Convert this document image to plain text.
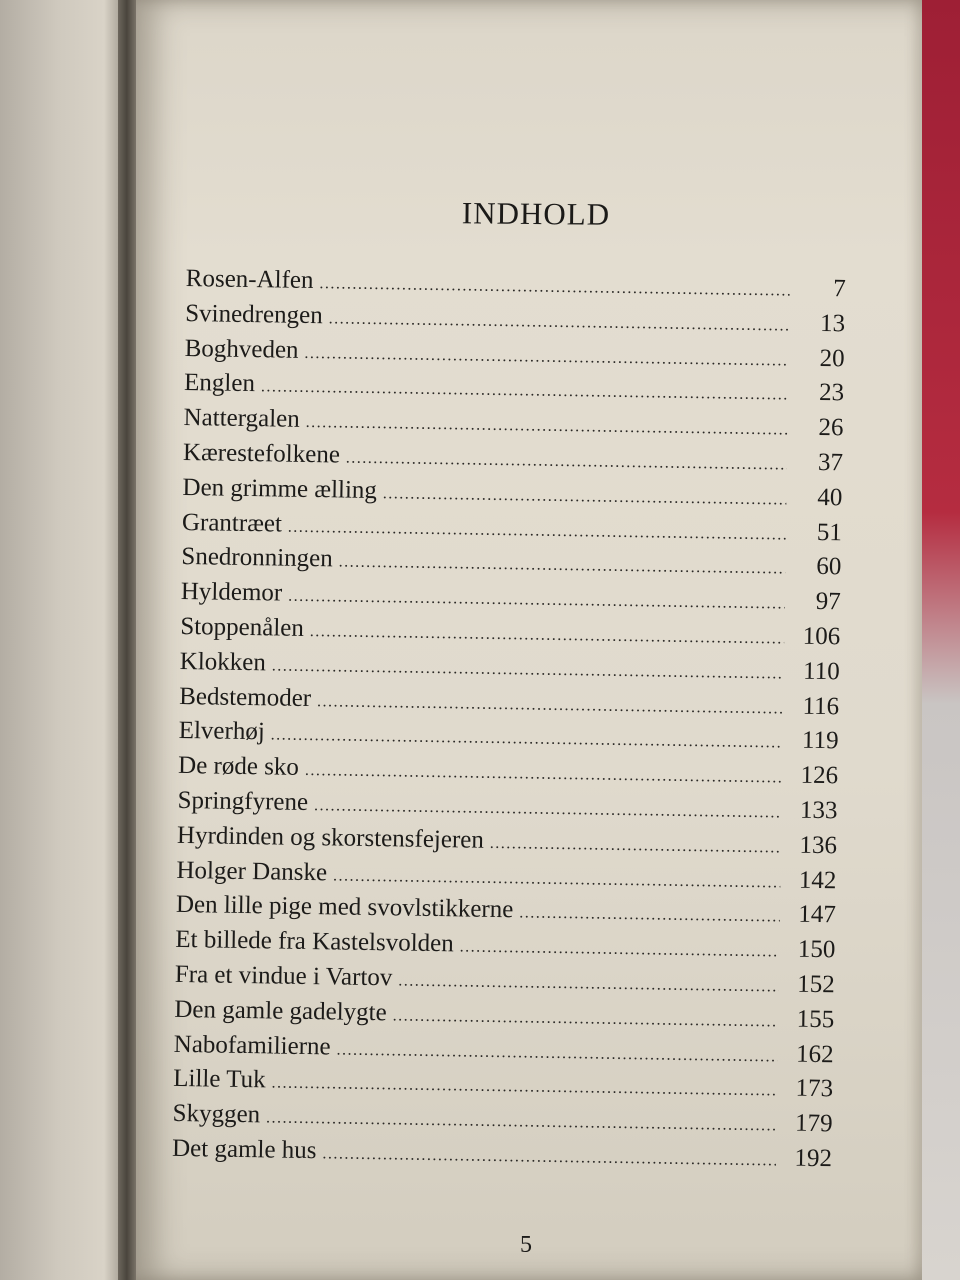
INDHOLD
Rosen-Alfen .....	7
Svinedrengen .....	13
Boghveden .....	20
Englen .....	23
Nattergalen .....	26
Kærestefolkene .....	37
Den grimme ælling .....	40
Grantræet .....	51
Snedronningen .....	60
Hyldemor .....	97
Stoppenålen .....	106
Klokken .....	110
Bedstemoder .....	116
Elverhøj .....	119
De røde sko .....	126
Springfyrene .....	133
Hyrdinden og skorstensfejeren .....	136
Holger Danske .....	142
Den lille pige med svovlstikkerne .....	147
Et billede fra Kastelsvolden .....	150
Fra et vindue i Vartov .....	152
Den gamle gadelygte .....	155
Nabofamilierne .....	162
Lille Tuk .....	173
Skyggen .....	179
Det gamle hus .....	192
5
